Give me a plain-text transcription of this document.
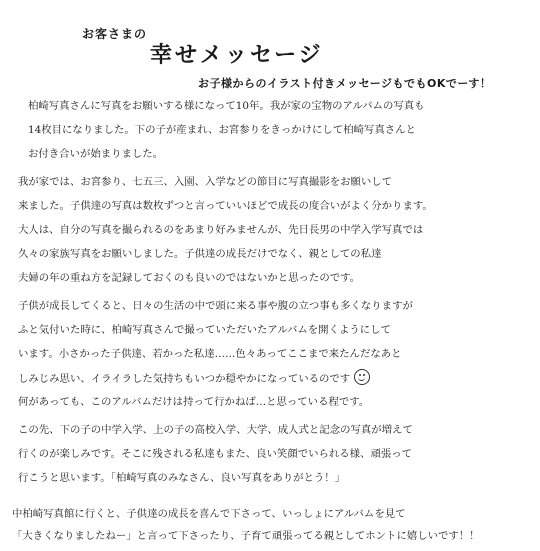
お客さまの
幸せメッセージ
お子様からのイラスト付きメッセージもでもOKでーす！
柏崎写真さんに写真をお願いする様になって10年。我が家の宝物のアルバムの写真も
14枚目になりました。下の子が産まれ、お宮参りをきっかけにして柏崎写真さんと
お付き合いが始まりました。
我が家では、お宮参り、七五三、入園、入学などの節目に写真撮影をお願いして
来ました。子供達の写真は数枚ずつと言っていいほどで成長の度合いがよく分かります。
大人は、自分の写真を撮られるのをあまり好みませんが、先日長男の中学入学写真では
久々の家族写真をお願いしました。子供達の成長だけでなく、親としての私達
夫婦の年の重ね方を記録しておくのも良いのではないかと思ったのです。
子供が成長してくると、日々の生活の中で頭に来る事や腹の立つ事も多くなりますが
ふと気付いた時に、柏崎写真さんで撮っていただいたアルバムを開くようにして
います。小さかった子供達、若かった私達……色々あってここまで来たんだなあと
しみじみ思い、イライラした気持ちもいつか穏やかになっているのです
何があっても、このアルバムだけは持って行かねば…と思っている程です。
この先、下の子の中学入学、上の子の高校入学、大学、成人式と記念の写真が増えて
行くのが楽しみです。そこに残される私達もまた、良い笑顔でいられる様、頑張って
行こうと思います。「柏崎写真のみなさん、良い写真をありがとう！」
中柏崎写真館に行くと、子供達の成長を喜んで下さって、いっしょにアルバムを見て
「大きくなりましたねー」と言って下さったり、子育て頑張ってる親としてホントに嬉しいです！！
